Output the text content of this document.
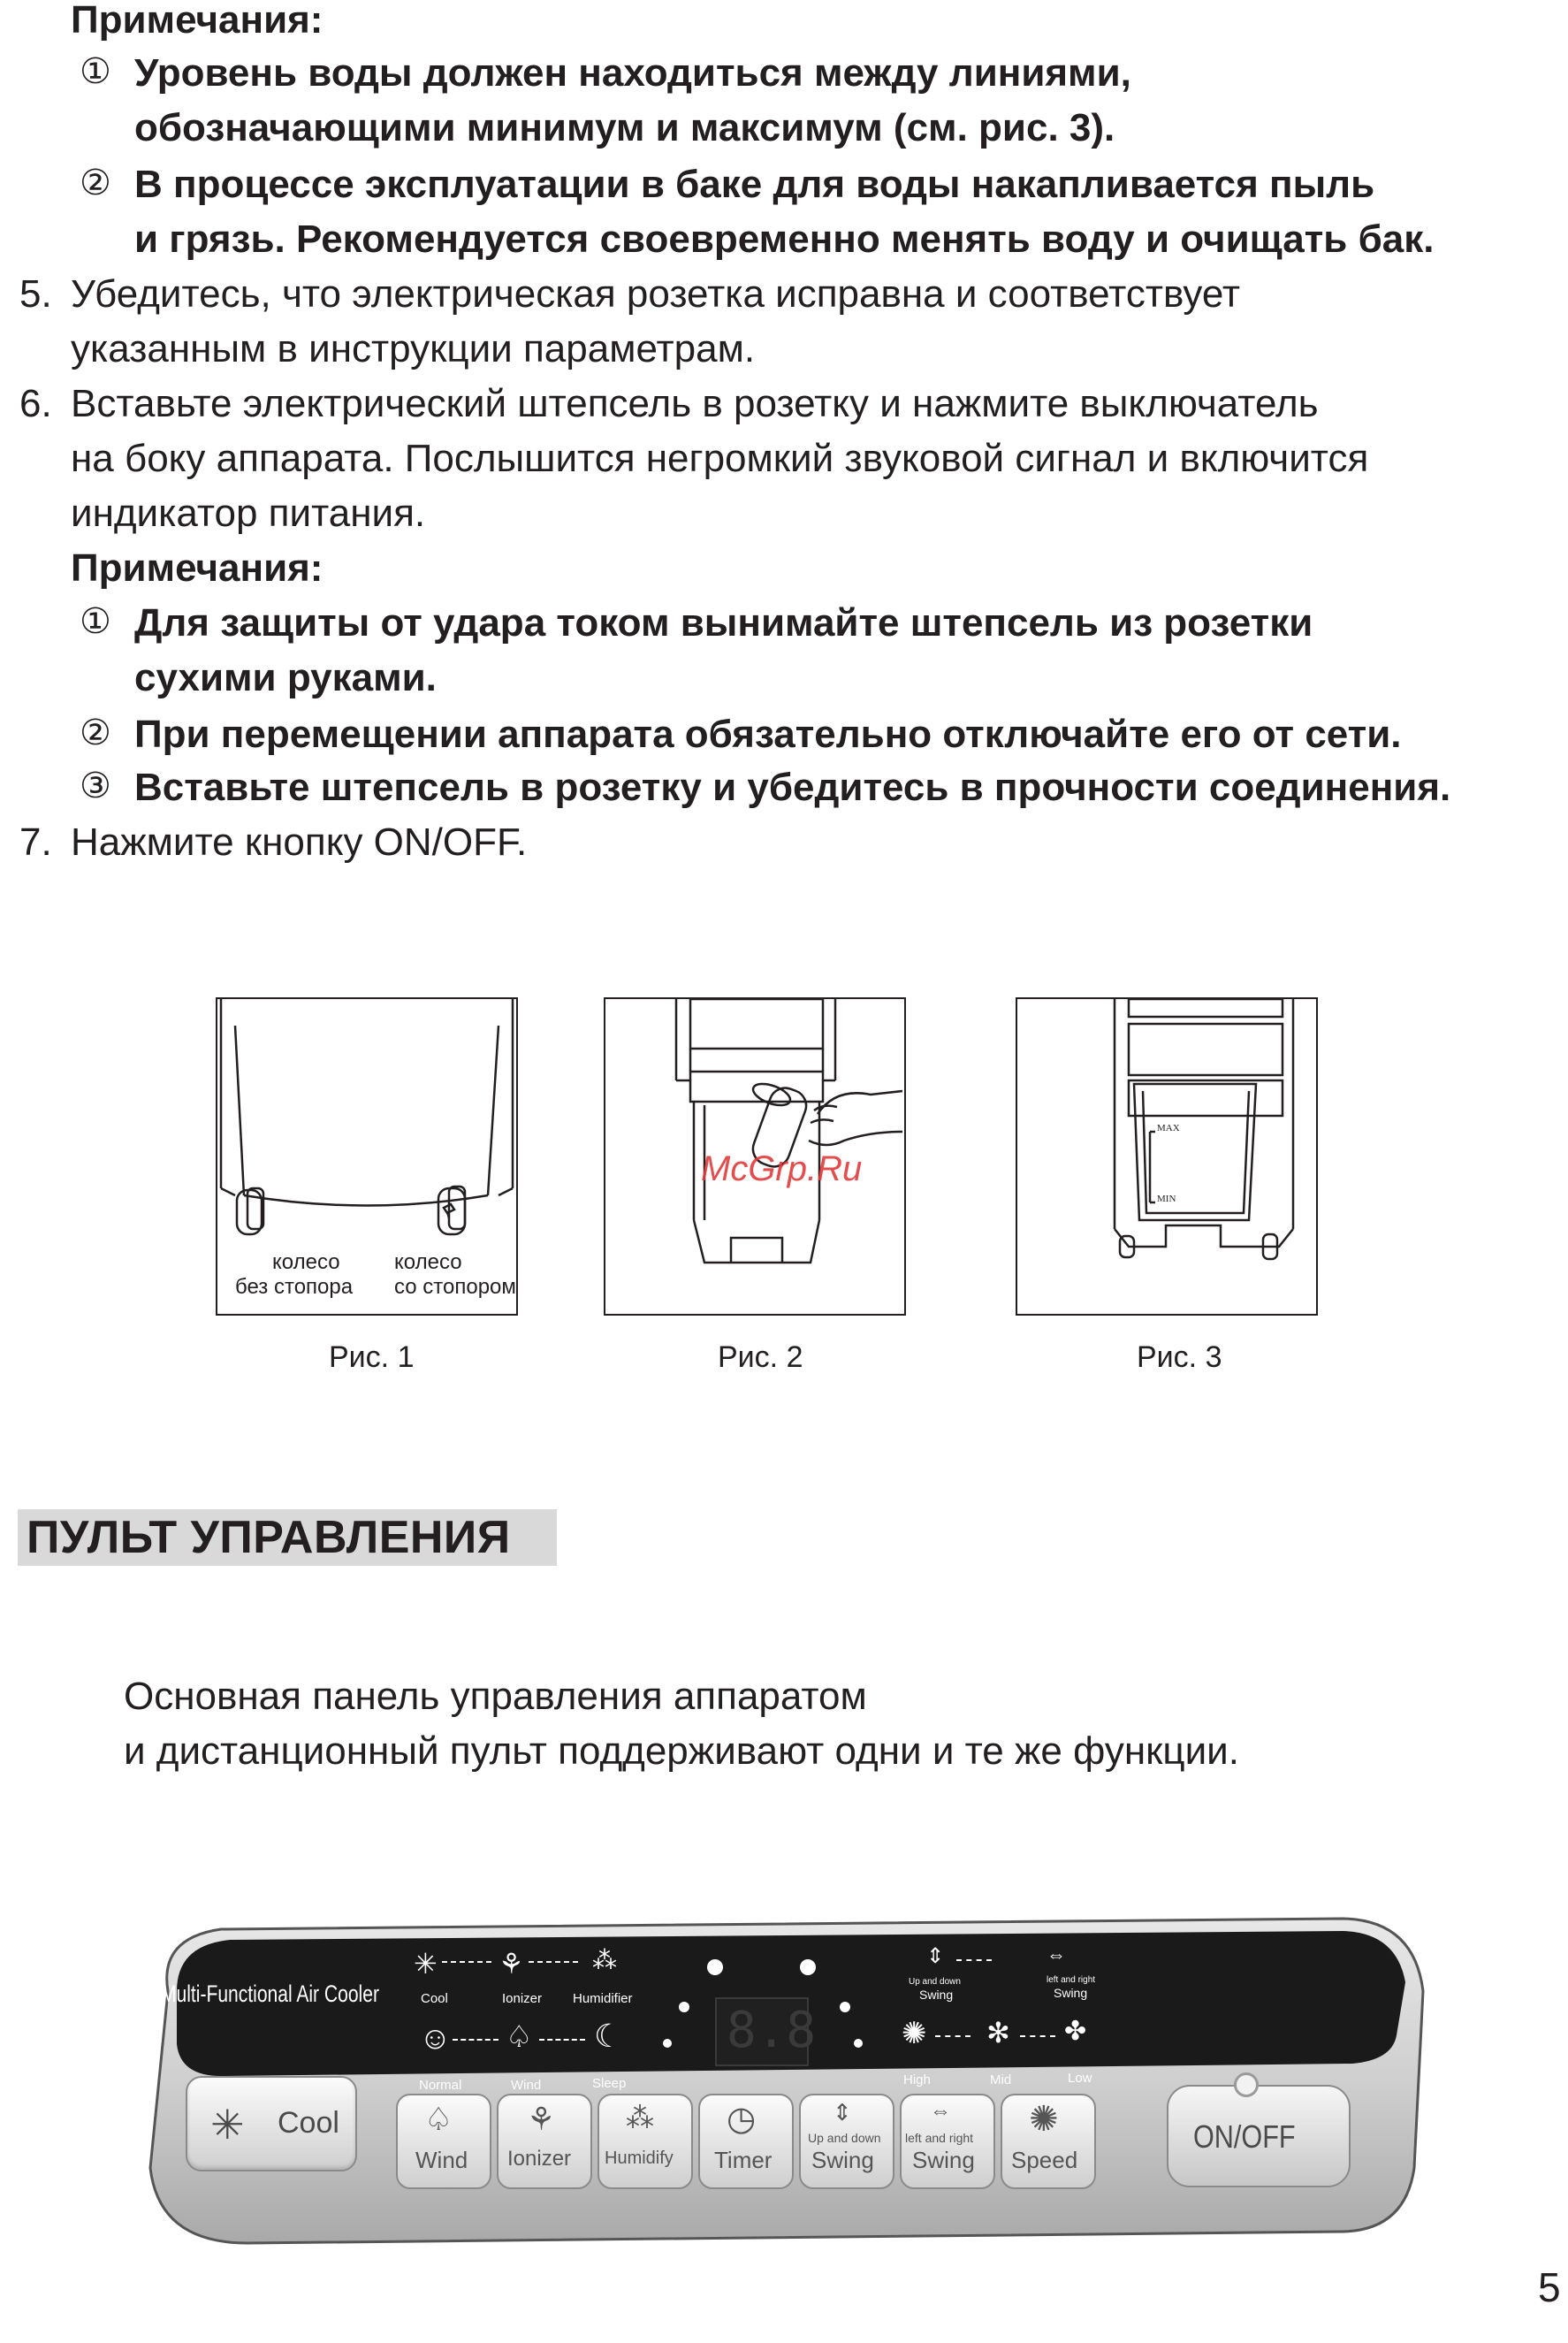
Примечания:
① Уровень воды должен находиться между линиями,
обозначающими минимум и максимум (см. рис. 3).
② В процессе эксплуатации в баке для воды накапливается пыль
и грязь. Рекомендуется своевременно менять воду и очищать бак.
5. Убедитесь, что электрическая розетка исправна и соответствует
указанным в инструкции параметрам.
6. Вставьте электрический штепсель в розетку и нажмите выключатель
на боку аппарата. Послышится негромкий звуковой сигнал и включится
индикатор питания.
Примечания:
① Для защиты от удара током вынимайте штепсель из розетки
сухими руками.
② При перемещении аппарата обязательно отключайте его от сети.
③ Вставьте штепсель в розетку и убедитесь в прочности соединения.
7. Нажмите кнопку ON/OFF.
колесо
без стопора
колесо
со стопором
Рис. 1
McGrp.Ru
Рис. 2
MAX
MIN
Рис. 3
ПУЛЬТ УПРАВЛЕНИЯ
Основная панель управления аппаратом
и дистанционный пульт поддерживают одни и те же функции.
Multi-Functional Air Cooler
✳ ⚘	⁂
Cool	Ionizer Humidifier
☺ ♤ ☾
Normal	Wind	Sleep
8.8
⇕	⇔
Up and down
Swing
left and right
Swing
✺ ✻ ✤
High	Mid	Low
✳ Cool	♤
Wind
⚘
Ionizer
⁂
Humidify
◷
Timer
⇕
Up and down
Swing
⇔
left and right
Swing
✺
Speed
ON/OFF
5
